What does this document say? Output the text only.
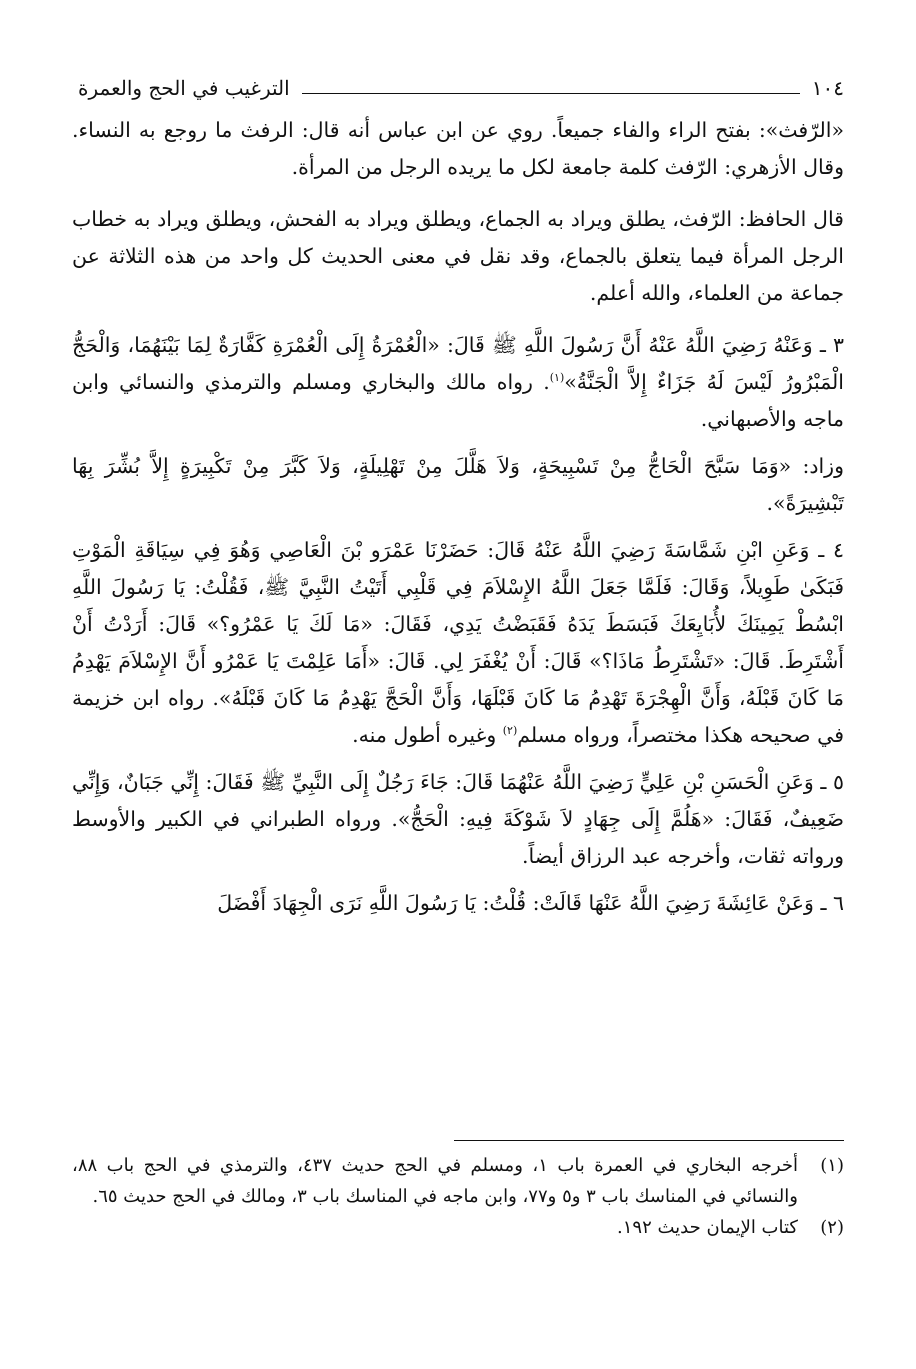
الترغيب في الحج والعمرة	١٠٤

«الرّفث»: بفتح الراء والفاء جميعاً. روي عن ابن عباس أنه قال: الرفث ما روجع به النساء. وقال الأزهري: الرّفث كلمة جامعة لكل ما يريده الرجل من المرأة.

قال الحافظ: الرّفث، يطلق ويراد به الجماع، ويطلق ويراد به الفحش، ويطلق ويراد به خطاب الرجل المرأة فيما يتعلق بالجماع، وقد نقل في معنى الحديث كل واحد من هذه الثلاثة عن جماعة من العلماء، والله أعلم.

٣ ـ وَعَنْهُ رَضِيَ اللَّهُ عَنْهُ أَنَّ رَسُولَ اللَّهِ ﷺ قَالَ: «الْعُمْرَةُ إِلَى الْعُمْرَةِ كَفَّارَةٌ لِمَا بَيْنَهُمَا، وَالْحَجُّ الْمَبْرُورُ لَيْسَ لَهُ جَزَاءٌ إِلاَّ الْجَنَّةُ»$^{(١)}$. رواه مالك والبخاري ومسلم والترمذي والنسائي وابن ماجه والأصبهاني.

وزاد: «وَمَا سَبَّحَ الْحَاجُّ مِنْ تَسْبِيحَةٍ، وَلاَ هَلَّلَ مِنْ تَهْلِيلَةٍ، وَلاَ كَبَّرَ مِنْ تَكْبِيرَةٍ إِلاَّ بُشِّرَ بِهَا تَبْشِيرَةً».

٤ ـ وَعَنِ ابْنِ شَمَّاسَةَ رَضِيَ اللَّهُ عَنْهُ قَالَ: حَضَرْنَا عَمْرَو بْنَ الْعَاصِي وَهُوَ فِي سِيَاقَةِ الْمَوْتِ فَبَكَىٰ طَوِيلاً، وَقَالَ: فَلَمَّا جَعَلَ اللَّهُ الإِسْلاَمَ فِي قَلْبِي أَتَيْتُ النَّبِيَّ ﷺ، فَقُلْتُ: يَا رَسُولَ اللَّهِ ابْسُطْ يَمِينَكَ لأُبَايِعَكَ فَبَسَطَ يَدَهُ فَقَبَضْتُ يَدِي، فَقَالَ: «مَا لَكَ يَا عَمْرُو؟» قَالَ: أَرَدْتُ أَنْ أَشْتَرِطَ. قَالَ: «تَشْتَرِطُ مَاذَا؟» قَالَ: أَنْ يُغْفَرَ لِي. قَالَ: «أَمَا عَلِمْتَ يَا عَمْرُو أَنَّ الإِسْلاَمَ يَهْدِمُ مَا كَانَ قَبْلَهُ، وَأَنَّ الْهِجْرَةَ تَهْدِمُ مَا كَانَ قَبْلَهَا، وَأَنَّ الْحَجَّ يَهْدِمُ مَا كَانَ قَبْلَهُ». رواه ابن خزيمة في صحيحه هكذا مختصراً، ورواه مسلم$^{(٢)}$ وغيره أطول منه.

٥ ـ وَعَنِ الْحَسَنِ بْنِ عَلِيٍّ رَضِيَ اللَّهُ عَنْهُمَا قَالَ: جَاءَ رَجُلٌ إِلَى النَّبِيِّ ﷺ فَقَالَ: إِنِّي جَبَانٌ، وَإِنِّي ضَعِيفٌ، فَقَالَ: «هَلُمَّ إِلَى جِهَادٍ لاَ شَوْكَةَ فِيهِ: الْحَجُّ». ورواه الطبراني في الكبير والأوسط ورواته ثقات، وأخرجه عبد الرزاق أيضاً.

٦ ـ وَعَنْ عَائِشَةَ رَضِيَ اللَّهُ عَنْهَا قَالَتْ: قُلْتُ: يَا رَسُولَ اللَّهِ نَرَى الْجِهَادَ أَفْضَلَ

(١)
أخرجه البخاري في العمرة باب ١، ومسلم في الحج حديث ٤٣٧، والترمذي في الحج باب ٨٨، والنسائي في المناسك باب ٣ و٥ و٧٧، وابن ماجه في المناسك باب ٣، ومالك في الحج حديث ٦٥.
(٢)
كتاب الإيمان حديث ١٩٢.
